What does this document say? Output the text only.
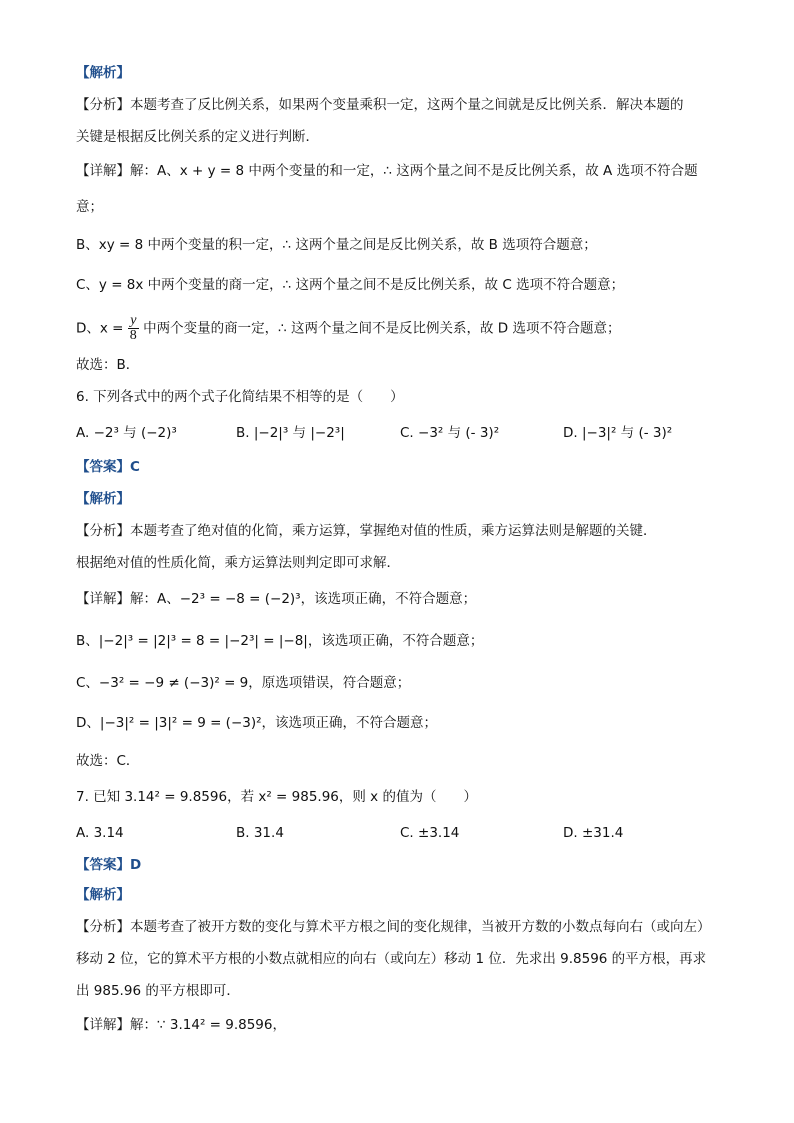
【解析】
【分析】本题考查了反比例关系，如果两个变量乘积一定，这两个量之间就是反比例关系．解决本题的
关键是根据反比例关系的定义进行判断．
【详解】解：A、x + y = 8 中两个变量的和一定，∴ 这两个量之间不是反比例关系，故 A 选项不符合题
意；
B、xy = 8 中两个变量的积一定，∴ 这两个量之间是反比例关系，故 B 选项符合题意；
C、y = 8x 中两个变量的商一定，∴ 这两个量之间不是反比例关系，故 C 选项不符合题意；
D、$x = \frac{y}{8}$ 中两个变量的商一定，∴ 这两个量之间不是反比例关系，故 D 选项不符合题意；
故选：B．
6. 下列各式中的两个式子化简结果不相等的是（　　）
A. −2³ 与 (−2)³	B. |−2|³ 与 |−2³|	C. −3² 与 (- 3)²	D. |−3|² 与 (- 3)²
【答案】C
【解析】
【分析】本题考查了绝对值的化简，乘方运算，掌握绝对值的性质，乘方运算法则是解题的关键．
根据绝对值的性质化简，乘方运算法则判定即可求解．
【详解】解：A、−2³ = −8 = (−2)³，该选项正确，不符合题意；
B、|−2|³ = |2|³ = 8 = |−2³| = |−8|，该选项正确，不符合题意；
C、−3² = −9 ≠ (−3)² = 9，原选项错误，符合题意；
D、|−3|² = |3|² = 9 = (−3)²，该选项正确，不符合题意；
故选：C．
7. 已知 3.14² = 9.8596，若 x² = 985.96，则 x 的值为（　　）
A. 3.14	B. 31.4	C. ±3.14	D. ±31.4
【答案】D
【解析】
【分析】本题考查了被开方数的变化与算术平方根之间的变化规律，当被开方数的小数点每向右（或向左）
移动 2 位，它的算术平方根的小数点就相应的向右（或向左）移动 1 位．先求出 9.8596 的平方根，再求
出 985.96 的平方根即可．
【详解】解：∵ 3.14² = 9.8596，
